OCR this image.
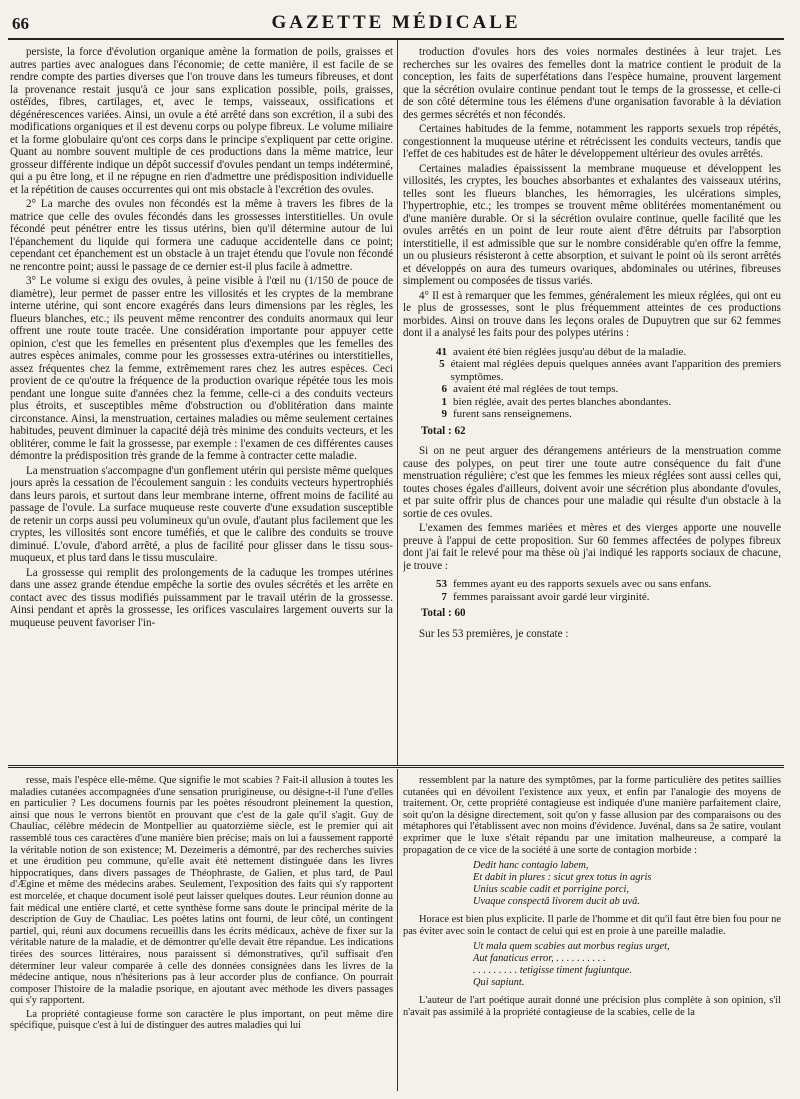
66	GAZETTE MÉDICALE

persiste, la force d'évolution organique amène la formation de poils, graisses et autres parties avec analogues dans l'économie; de cette manière, il est facile de se rendre compte des parties diverses que l'on trouve dans les tumeurs fibreuses, et dont la provenance restait jusqu'à ce jour sans explication possible, poils, graisses, ostéïdes, fibres, cartilages, et, avec le temps, vaisseaux, ossifications et dégénérescences variées. Ainsi, un ovule a été arrêté dans son excrétion, il a subi des modifications organiques et il est devenu corps ou polype fibreux. Le volume miliaire et la forme globulaire qu'ont ces corps dans le principe s'expliquent par cette origine. Quant au nombre souvent multiple de ces productions dans la même matrice, leur grosseur différente indique un dépôt successif d'ovules pendant un temps indéterminé, qui a pu être long, et il ne répugne en rien d'admettre une prédisposition individuelle et la répétition de causes occurrentes qui ont mis obstacle à l'excrétion des ovules.

2° La marche des ovules non fécondés est la même à travers les fibres de la matrice que celle des ovules fécondés dans les grossesses interstitielles. Un ovule fécondé peut pénétrer entre les tissus utérins, bien qu'il détermine autour de lui l'épanchement du liquide qui formera une caduque accidentelle dans ce point; cependant cet épanchement est un obstacle à un trajet étendu que l'ovule non fécondé ne rencontre point; aussi le passage de ce dernier est-il plus facile à admettre.

3° Le volume si exigu des ovules, à peine visible à l'œil nu (1/150 de pouce de diamètre), leur permet de passer entre les villosités et les cryptes de la membrane interne utérine, qui sont encore exagérés dans leurs dimensions par les règles, les flueurs blanches, etc.; ils peuvent même rencontrer des conduits anormaux qui leur offrent une route toute tracée. Une considération importante pour appuyer cette opinion, c'est que les femelles en présentent plus d'exemples que les femelles des autres espèces animales, comme pour les grossesses extra-utérines ou interstitielles, assez fréquentes chez la femme, extrêmement rares chez les autres espèces. Ceci provient de ce qu'outre la fréquence de la production ovarique répétée tous les mois pendant une longue suite d'années chez la femme, celle-ci a des conduits vecteurs plus étroits, et susceptibles même d'obstruction ou d'oblitération dans mainte circonstance. Ainsi, la menstruation, certaines maladies ou même seulement certaines habitudes, peuvent diminuer la capacité déjà très minime des conduits vecteurs, et les oblitérer, comme le fait la grossesse, par exemple : l'examen de ces différentes causes démontre la prédisposition très grande de la femme à contracter cette maladie.

La menstruation s'accompagne d'un gonflement utérin qui persiste même quelques jours après la cessation de l'écoulement sanguin : les conduits vecteurs hypertrophiés dans leurs parois, et surtout dans leur membrane interne, offrent moins de facilité au passage de l'ovule. La surface muqueuse reste couverte d'une exsudation susceptible de retenir un corps aussi peu volumineux qu'un ovule, d'autant plus facilement que les cryptes, les villosités sont encore tuméfiés, et que le calibre des conduits se trouve diminué. L'ovule, d'abord arrêté, a plus de facilité pour glisser dans le tissu sous-muqueux, et plus tard dans le tissu musculaire.

La grossesse qui remplit des prolongements de la caduque les trompes utérines dans une assez grande étendue empêche la sortie des ovules sécrétés et les arrête en contact avec des tissus modifiés puissamment par le travail utérin de la grossesse. Ainsi pendant et après la grossesse, les orifices vasculaires largement ouverts sur la muqueuse peuvent favoriser l'in-

troduction d'ovules hors des voies normales destinées à leur trajet. Les recherches sur les ovaires des femelles dont la matrice contient le produit de la conception, les faits de superfétations dans l'espèce humaine, prouvent largement que la sécrétion ovulaire continue pendant tout le temps de la grossesse, et celle-ci de son côté détermine tous les élémens d'une organisation favorable à la déviation des germes sécrétés et non fécondés.

Certaines habitudes de la femme, notamment les rapports sexuels trop répétés, congestionnent la muqueuse utérine et rétrécissent les conduits vecteurs, tandis que l'effet de ces habitudes est de hâter le développement ultérieur des ovules arrêtés.

Certaines maladies épaississent la membrane muqueuse et développent les villosités, les cryptes, les bouches absorbantes et exhalantes des vaisseaux utérins, telles sont les flueurs blanches, les hémorragies, les ulcérations simples, l'hypertrophie, etc.; les trompes se trouvent même oblitérées momentanément ou d'une manière durable. Or si la sécrétion ovulaire continue, quelle facilité que les ovules arrêtés en un point de leur route aient d'être détruits par l'absorption interstitielle, il est admissible que sur le nombre considérable qu'en offre la femme, un ou plusieurs résisteront à cette absorption, et suivant le point où ils seront arrêtés et développés on aura des tumeurs ovariques, abdominales ou utérines, fibreuses simplement ou composées de tissus variés.

4° Il est à remarquer que les femmes, généralement les mieux réglées, qui ont eu le plus de grossesses, sont le plus fréquemment atteintes de ces productions morbides. Ainsi on trouve dans les leçons orales de Dupuytren que sur 62 femmes dont il a analysé les faits pour des polypes utérins :

41 avaient été bien réglées jusqu'au début de la maladie.
5 étaient mal réglées depuis quelques années avant l'apparition des premiers symptômes.
6 avaient été mal réglées de tout temps.
1 bien réglée, avait des pertes blanches abondantes.
9 furent sans renseignemens.
Total : 62

Si on ne peut arguer des dérangemens antérieurs de la menstruation comme cause des polypes, on peut tirer une toute autre conséquence du fait d'une menstruation régulière; c'est que les femmes les mieux réglées sont aussi celles qui, toutes choses égales d'ailleurs, doivent avoir une sécrétion plus abondante d'ovules, et par suite offrir plus de chances pour une maladie qui résulte d'un obstacle à la sortie de ces ovules.

L'examen des femmes mariées et mères et des vierges apporte une nouvelle preuve à l'appui de cette proposition. Sur 60 femmes affectées de polypes fibreux dont j'ai fait le relevé pour ma thèse où j'ai indiqué les rapports sociaux de chacune, je trouve :

53 femmes ayant eu des rapports sexuels avec ou sans enfans.
7 femmes paraissant avoir gardé leur virginité.
Total : 60

Sur les 53 premières, je constate :

resse, mais l'espèce elle-même. Que signifie le mot scabies ? Fait-il allusion à toutes les maladies cutanées accompagnées d'une sensation prurigineuse, ou désigne-t-il l'une d'elles en particulier ? Les documens fournis par les poètes résoudront pleinement la question, ainsi que nous le verrons bientôt en prouvant que c'est de la gale qu'il s'agit. Guy de Chauliac, célèbre médecin de Montpellier au quatorzième siècle, est le premier qui ait rassemblé tous ces caractères d'une manière bien précise; mais on lui a faussement rapporté la véritable notion de son existence; M. Dezeimeris a démontré, par des recherches suivies et une érudition peu commune, qu'elle avait été nettement distinguée dans les livres hippocratiques, dans divers passages de Théophraste, de Galien, et plus tard, de Paul d'Ægine et même des médecins arabes. Seulement, l'exposition des faits qui s'y rapportent est morcelée, et chaque document isolé peut laisser quelques doutes. Leur réunion donne au fait médical une entière clarté, et cette synthèse forme sans doute le principal mérite de la description de Guy de Chauliac. Les poètes latins ont fourni, de leur côté, un contingent partiel, qui, réuni aux documens recueillis dans les écrits médicaux, achève de fixer sur la véritable nature de la maladie, et de démontrer qu'elle devait être répandue. Les indications tirées des sources littéraires, nous paraissent si démonstratives, qu'il suffisait d'en déterminer leur valeur comparée à celle des données consignées dans les livres de la médecine antique, nous n'hésiterions pas à leur accorder plus de confiance. On pourrait composer l'histoire de la maladie psorique, en ajoutant avec méthode les divers passages qui s'y rapportent.

La propriété contagieuse forme son caractère le plus important, on peut même dire spécifique, puisque c'est à lui de distinguer des autres maladies qui lui

ressemblent par la nature des symptômes, par la forme particulière des petites saillies cutanées qui en dévoilent l'existence aux yeux, et enfin par l'analogie des moyens de traitement. Or, cette propriété contagieuse est indiquée d'une manière parfaitement claire, soit qu'on la désigne directement, soit qu'on y fasse allusion par des comparaisons ou des métaphores qui l'établissent avec non moins d'évidence. Juvénal, dans sa 2e satire, voulant exprimer que le luxe s'était répandu par une imitation malheureuse, a comparé la propagation de ce vice de la société à une sorte de contagion morbide :

Dedit hanc contagio labem,
Et dabit in plures : sicut grex totus in agris
Unius scabie cadit et porrigine porci,
Uvaque conspectâ livorem ducit ab uvâ.

Horace est bien plus explicite. Il parle de l'homme et dit qu'il faut être bien fou pour ne pas éviter avec soin le contact de celui qui est en proie à une pareille maladie.

Ut mala quem scabies aut morbus regius urget,
Aut fanaticus error, . . . . . . . . . .
. . . . . . . . . tetigisse timent fugiuntque.
Qui sapiunt.

L'auteur de l'art poétique aurait donné une précision plus complète à son opinion, s'il n'avait pas assimilé à la propriété contagieuse de la scabies, celle de la
